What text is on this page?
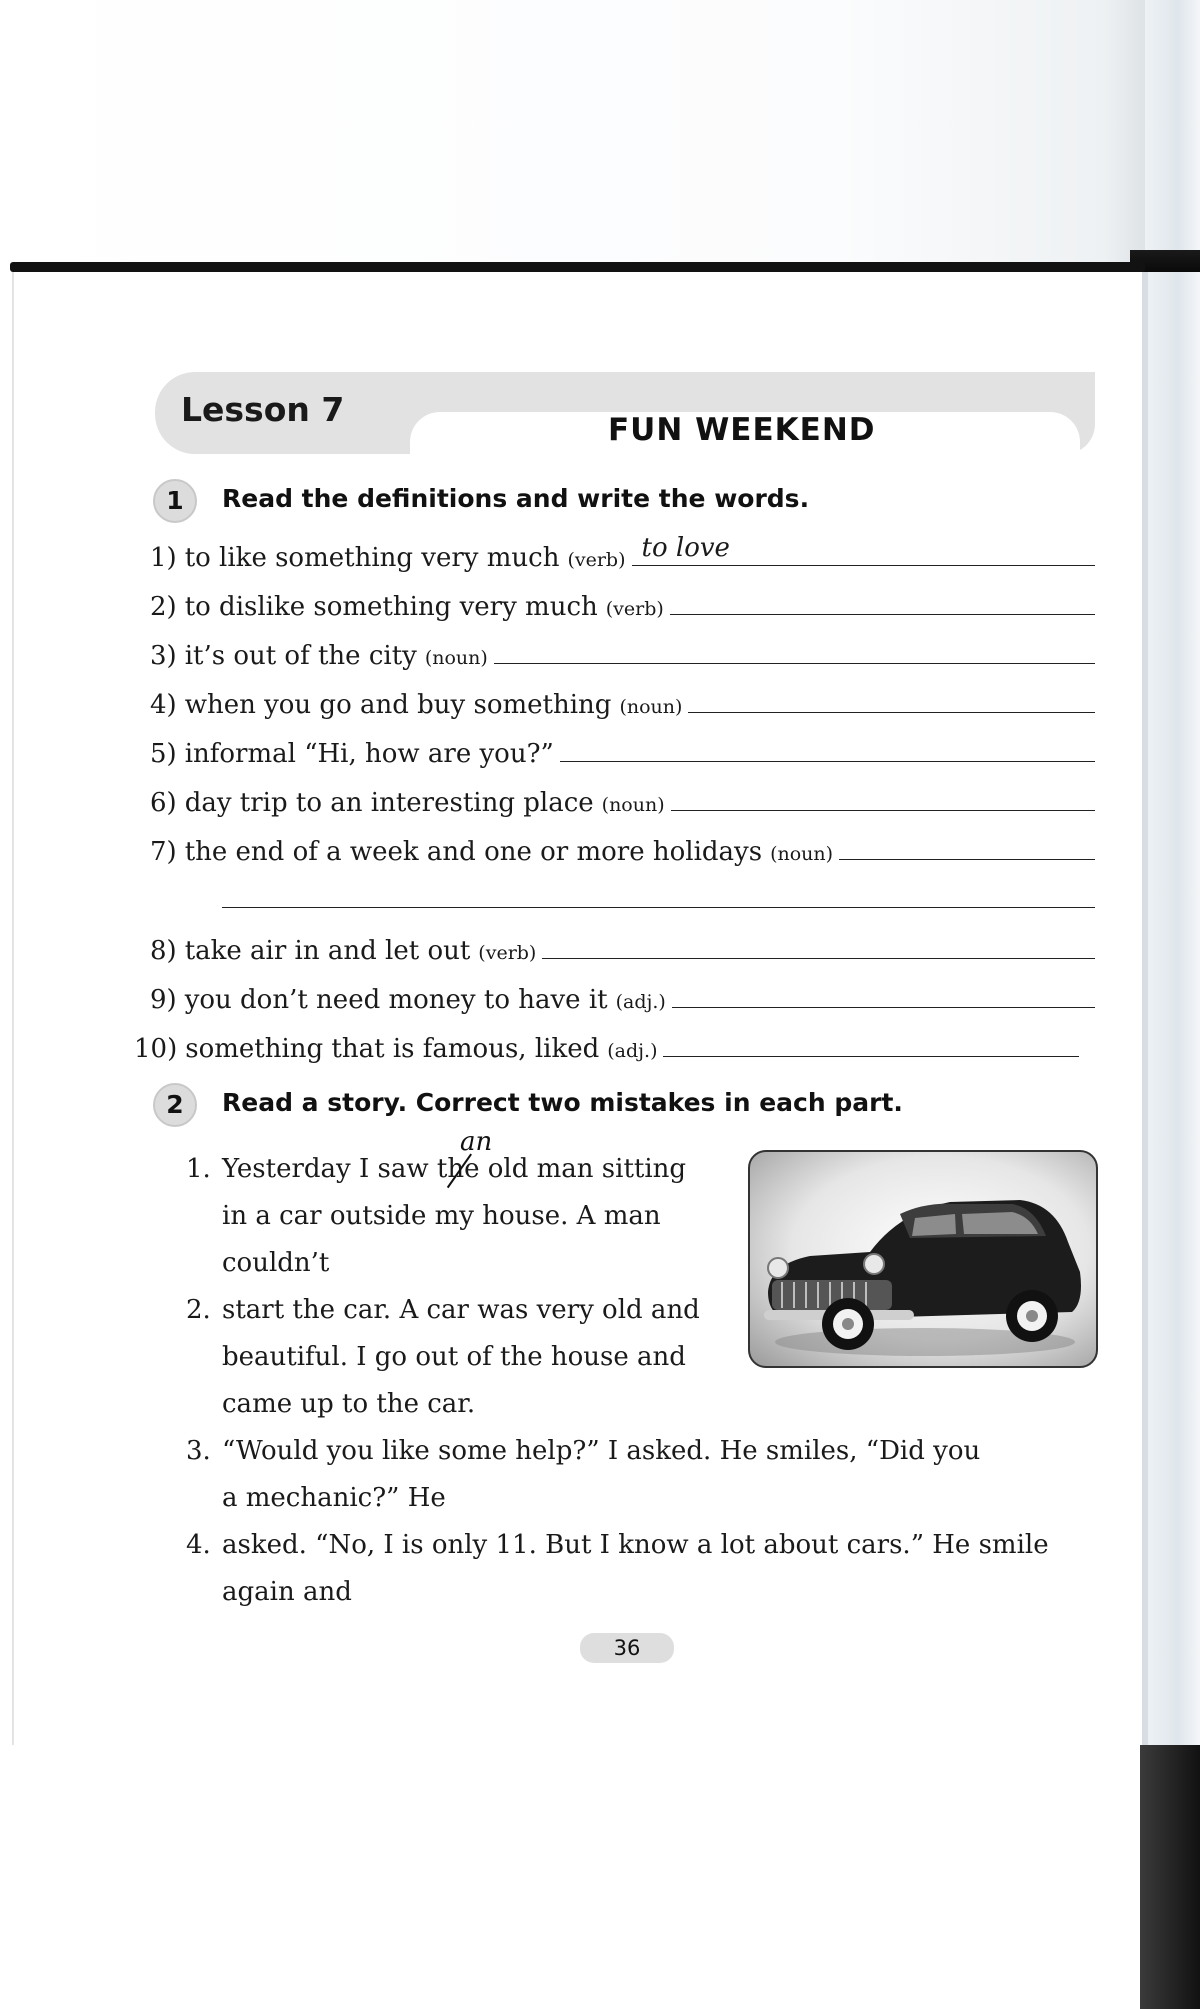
Lesson 7
FUN WEEKEND
1	Read the definitions and write the words.
1) to like something very much (verb) to love
2) to dislike something very much (verb)
3) it’s out of the city (noun)
4) when you go and buy something (noun)
5) informal “Hi, how are you?”
6) day trip to an interesting place (noun)
7) the end of a week and one or more holidays (noun)
8) take air in and let out (verb)
9) you don’t need money to have it (adj.)
10) something that is famous, liked (adj.)
2	Read a story. Correct two mistakes in each part.
an
1. Yesterday I saw the old man sitting
in a car outside my house. A man
couldn’t
2. start the car. A car was very old and
beautiful. I go out of the house and
came up to the car.
3. “Would you like some help?” I asked. He smiles, “Did you
a mechanic?” He
4. asked. “No, I is only 11. But I know a lot about cars.” He smile
again and
36
